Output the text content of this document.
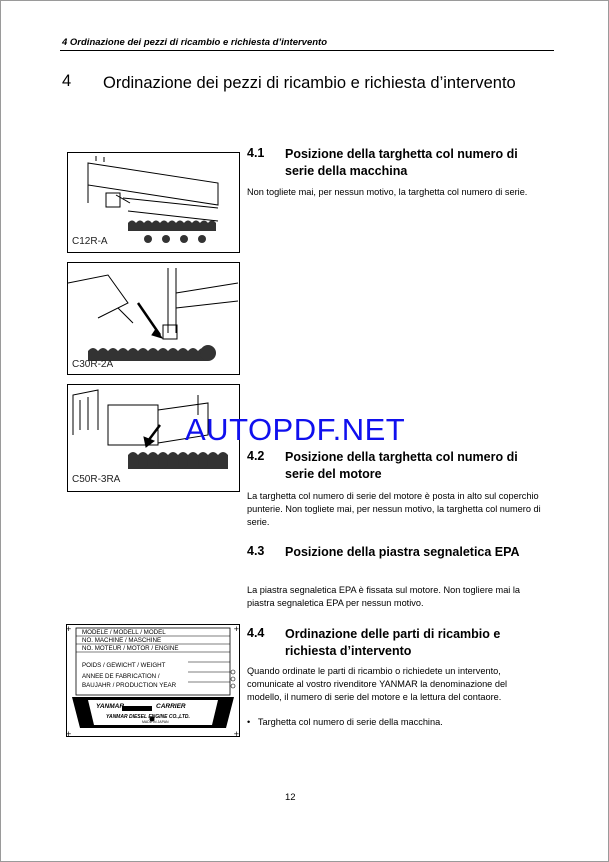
4 Ordinazione dei pezzi di ricambio e richiesta d’intervento
4 Ordinazione dei pezzi di ricambio e richiesta d’intervento
4.1 Posizione della targhetta col numero di serie della macchina
Non togliete mai, per nessun motivo, la targhetta col numero di serie.
4.2 Posizione della targhetta col numero di serie del motore
La targhetta col numero di serie del motore è posta in alto sul coperchio punterie. Non togliete mai, per nessun motivo, la targhetta col numero di serie.
4.3 Posizione della piastra segnaletica EPA
La piastra segnaletica EPA è fissata sul motore. Non togliere mai la piastra segnaletica EPA per nessun motivo.
4.4 Ordinazione delle parti di ricambio e richiesta d’intervento
Quando ordinate le parti di ricambio o richiedete un intervento, comunicate al vostro rivenditore YANMAR la denominazione del modello, il numero di serie del motore e la lettura del contaore.
•   Targhetta col numero di serie della macchina.
C12R-A
C30R-2A
C50R-3RA
+	+
+	+
MODELE / MODELL / MODEL
NO. MACHINE / MASCHINE
NO. MOTEUR / MOTOR / ENGINE
POIDS / GEWICHT / WEIGHT
ANNEE DE FABRICATION /
BAUJAHR / PRODUCTION YEAR
YANMAR	CARRIER
YANMAR DIESEL ENGINE CO.,LTD.
MADE IN JAPAN
AUTOPDF.NET
12
